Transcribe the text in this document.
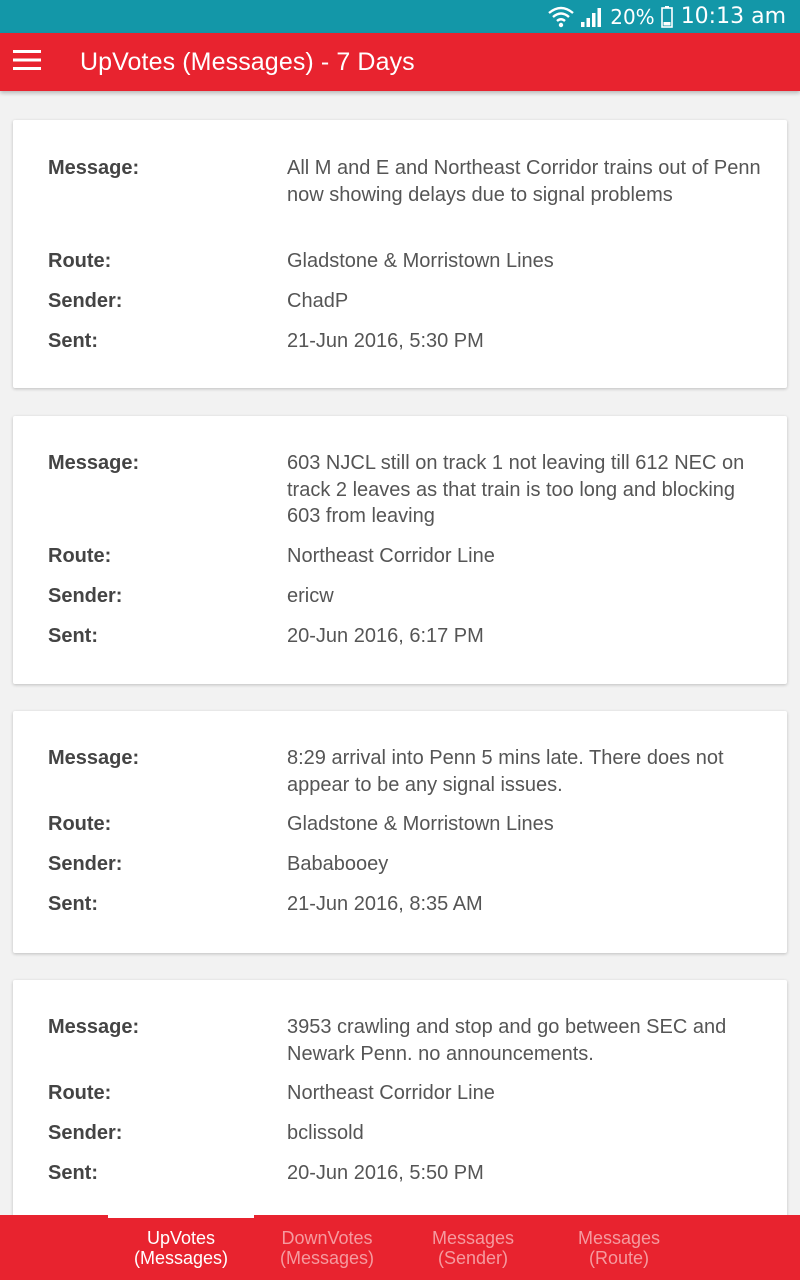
20% 10:13 am
UpVotes (Messages) - 7 Days
Message:	All M and E and Northeast Corridor trains out of Penn now showing delays due to signal problems
Route:	Gladstone & Morristown Lines
Sender:	ChadP
Sent:	21-Jun 2016, 5:30 PM
Message:	603 NJCL still on track 1 not leaving till 612 NEC on track 2 leaves as that train is too long and blocking 603 from leaving
Route:	Northeast Corridor Line
Sender:	ericw
Sent:	20-Jun 2016, 6:17 PM
Message:	8:29 arrival into Penn 5 mins late. There does not appear to be any signal issues.
Route:	Gladstone & Morristown Lines
Sender:	Bababooey
Sent:	21-Jun 2016, 8:35 AM
Message:	3953 crawling and stop and go between SEC and Newark Penn. no announcements.
Route:	Northeast Corridor Line
Sender:	bclissold
Sent:	20-Jun 2016, 5:50 PM
UpVotes
(Messages)
DownVotes
(Messages)
Messages
(Sender)
Messages
(Route)
